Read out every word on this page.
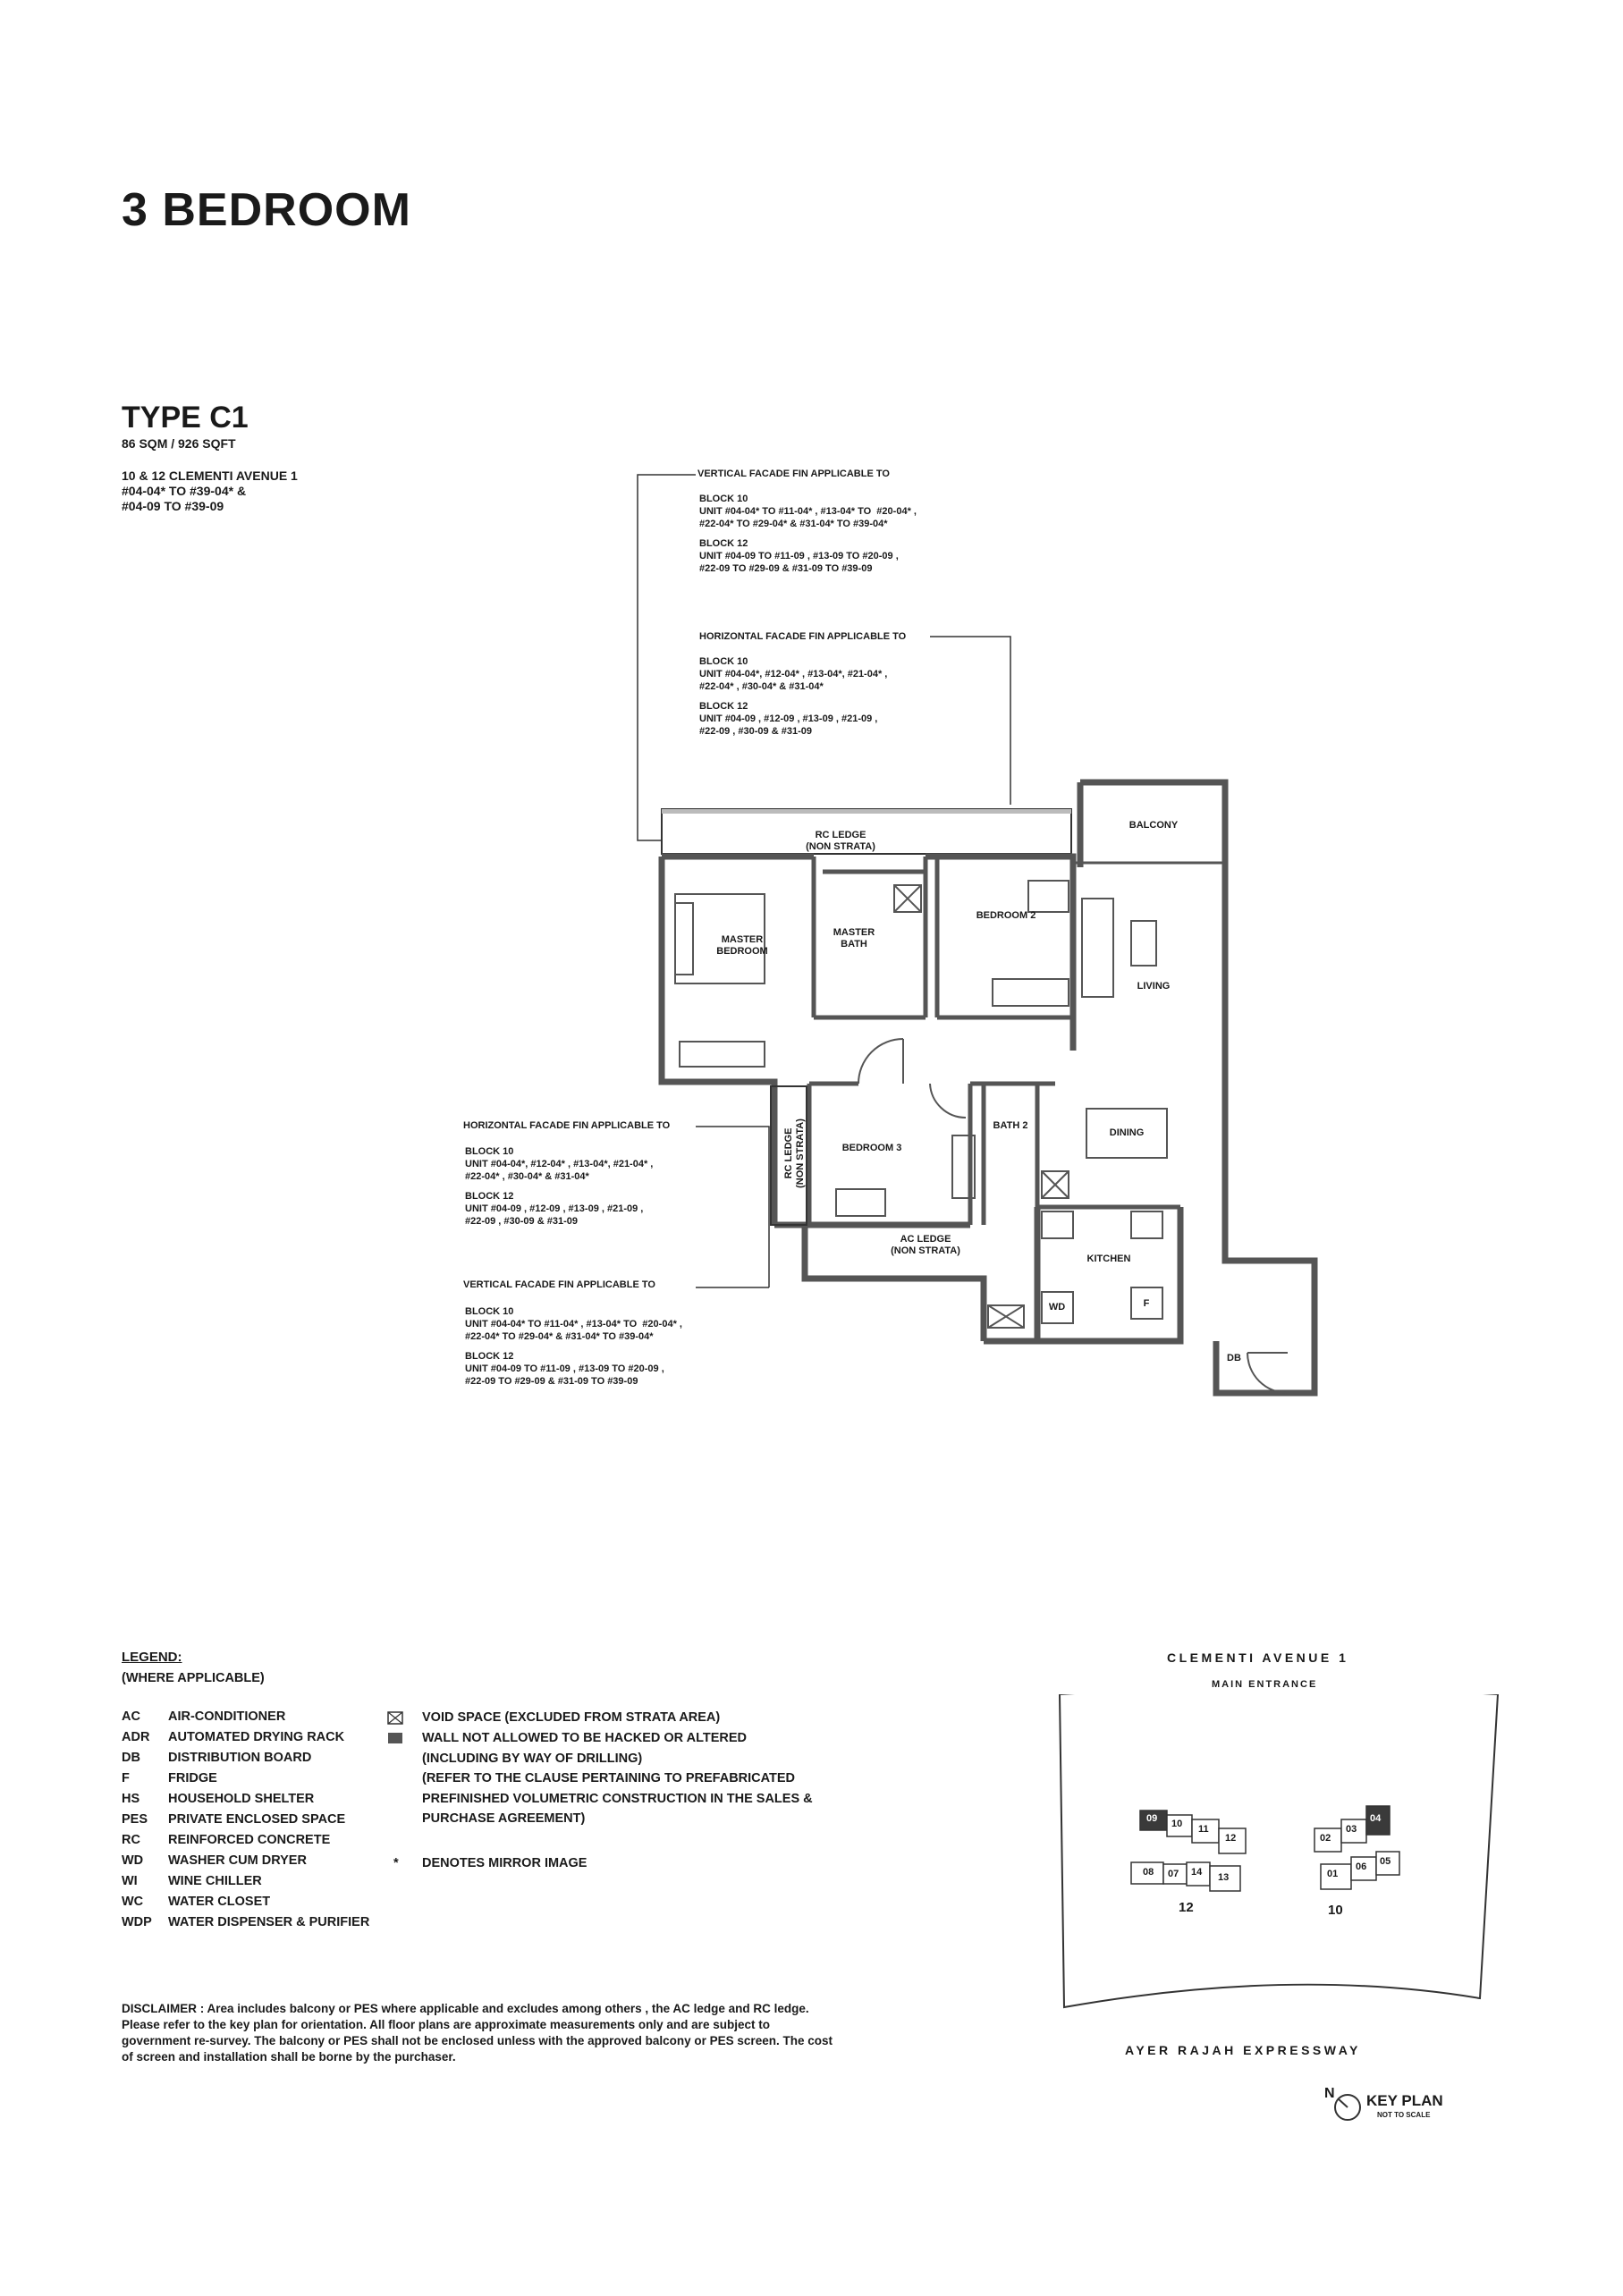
3 BEDROOM
TYPE C1
86 SQM / 926 SQFT
10 & 12 CLEMENTI AVENUE 1
#04-04* TO #39-04* &
#04-09 TO #39-09
VERTICAL FACADE FIN APPLICABLE TO
BLOCK 10
UNIT #04-04* TO #11-04* , #13-04* TO  #20-04* ,
#22-04* TO #29-04* & #31-04* TO #39-04*
BLOCK 12
UNIT #04-09 TO #11-09 , #13-09 TO #20-09 ,
#22-09 TO #29-09 & #31-09 TO #39-09
HORIZONTAL FACADE FIN APPLICABLE TO
BLOCK 10
UNIT #04-04*, #12-04* , #13-04*, #21-04* ,
#22-04* , #30-04* & #31-04*
BLOCK 12
UNIT #04-09 , #12-09 , #13-09 , #21-09 ,
#22-09 , #30-09 & #31-09
HORIZONTAL FACADE FIN APPLICABLE TO
BLOCK 10
UNIT #04-04*, #12-04* , #13-04*, #21-04* ,
#22-04* , #30-04* & #31-04*
BLOCK 12
UNIT #04-09 , #12-09 , #13-09 , #21-09 ,
#22-09 , #30-09 & #31-09
VERTICAL FACADE FIN APPLICABLE TO
BLOCK 10
UNIT #04-04* TO #11-04* , #13-04* TO  #20-04* ,
#22-04* TO #29-04* & #31-04* TO #39-04*
BLOCK 12
UNIT #04-09 TO #11-09 , #13-09 TO #20-09 ,
#22-09 TO #29-09 & #31-09 TO #39-09
RC LEDGE
(NON STRATA)
BALCONY
MASTER
BEDROOM
MASTER
BATH
BEDROOM 2
LIVING
RC LEDGE (NON STRATA)	BEDROOM 3
BATH 2
DINING
AC LEDGE
(NON STRATA)
KITCHEN
WD	F
DB
LEGEND:
(WHERE APPLICABLE)
AC AIR-CONDITIONER
ADR AUTOMATED DRYING RACK
DB DISTRIBUTION BOARD
F	FRIDGE
HS HOUSEHOLD SHELTER
PES PRIVATE ENCLOSED SPACE
RC REINFORCED CONCRETE
WD WASHER CUM DRYER
WI WINE CHILLER
WC WATER CLOSET
WDP WATER DISPENSER & PURIFIER
VOID SPACE (EXCLUDED FROM STRATA AREA)
WALL NOT ALLOWED TO BE HACKED OR ALTERED
(INCLUDING BY WAY OF DRILLING)
(REFER TO THE CLAUSE PERTAINING TO PREFABRICATED
PREFINISHED VOLUMETRIC CONSTRUCTION IN THE SALES &
PURCHASE AGREEMENT)
* DENOTES MIRROR IMAGE
DISCLAIMER : Area includes balcony or PES where applicable and excludes among others , the AC ledge and RC ledge. Please refer to the key plan for orientation. All floor plans are approximate measurements only and are subject to government re-survey. The balcony or PES shall not be enclosed unless with the approved balcony or PES screen. The cost of screen and installation shall be borne by the purchaser.
CLEMENTI AVENUE 1
MAIN ENTRANCE
09 10 11
12
08 07 14 13
12
02
03
04
01
06 05
10
AYER RAJAH EXPRESSWAY
N KEY PLAN
NOT TO SCALE
